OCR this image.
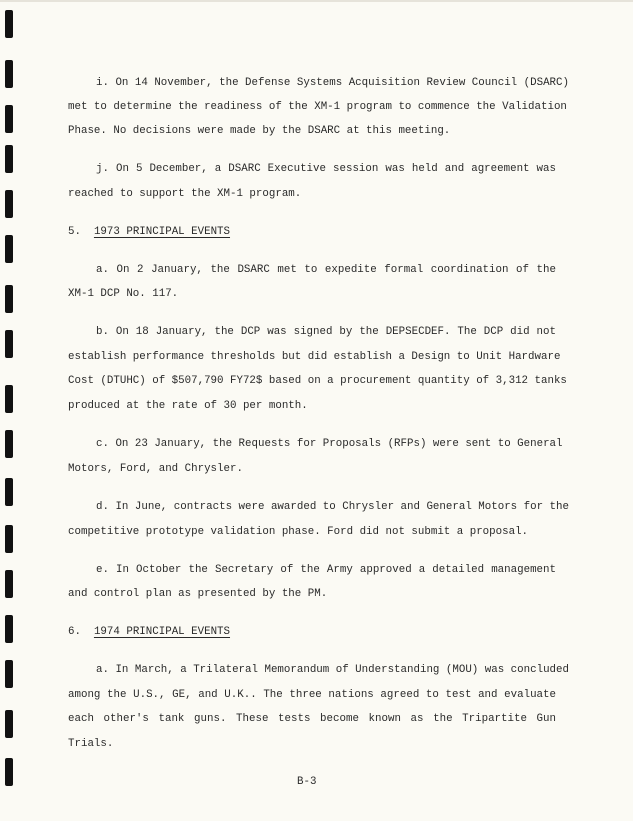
i. On 14 November, the Defense Systems Acquisition Review Council (DSARC)
met to determine the readiness of the XM-1 program to commence the Validation
Phase. No decisions were made by the DSARC at this meeting.
j. On 5 December, a DSARC Executive session was held and agreement was
reached to support the XM-1 program.
5. 1973 PRINCIPAL EVENTS
a. On 2 January, the DSARC met to expedite formal coordination of the
XM-1 DCP No. 117.
b. On 18 January, the DCP was signed by the DEPSECDEF. The DCP did not
establish performance thresholds but did establish a Design to Unit Hardware
Cost (DTUHC) of $507,790 FY72$ based on a procurement quantity of 3,312 tanks
produced at the rate of 30 per month.
c. On 23 January, the Requests for Proposals (RFPs) were sent to General
Motors, Ford, and Chrysler.
d. In June, contracts were awarded to Chrysler and General Motors for the
competitive prototype validation phase. Ford did not submit a proposal.
e. In October the Secretary of the Army approved a detailed management
and control plan as presented by the PM.
6. 1974 PRINCIPAL EVENTS
a. In March, a Trilateral Memorandum of Understanding (MOU) was concluded
among the U.S., GE, and U.K.. The three nations agreed to test and evaluate
each other's tank guns. These tests become known as the Tripartite Gun
Trials.
B-3
